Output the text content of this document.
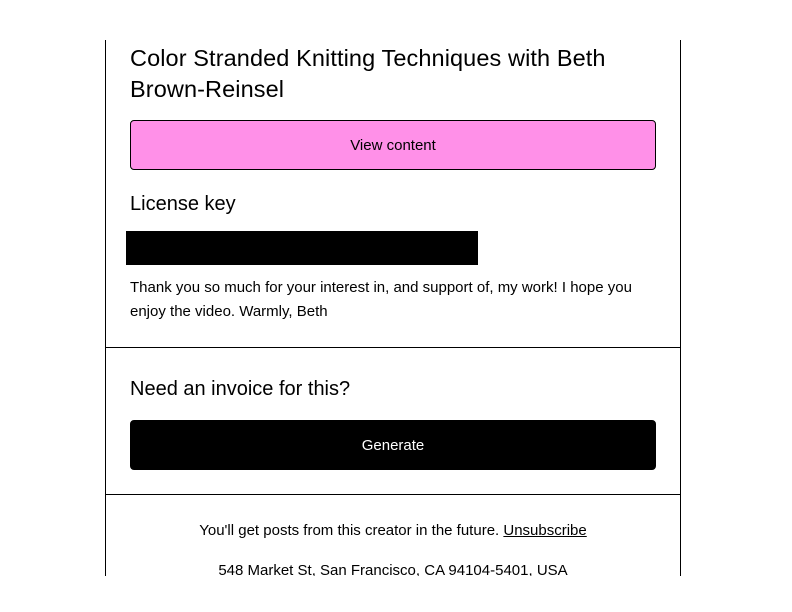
Color Stranded Knitting Techniques with Beth Brown-Reinsel
View content
License key

Thank you so much for your interest in, and support of, my work! I hope you enjoy the video. Warmly, Beth

Need an invoice for this?
Generate
You'll get posts from this creator in the future. Unsubscribe
548 Market St, San Francisco, CA 94104-5401, USA
